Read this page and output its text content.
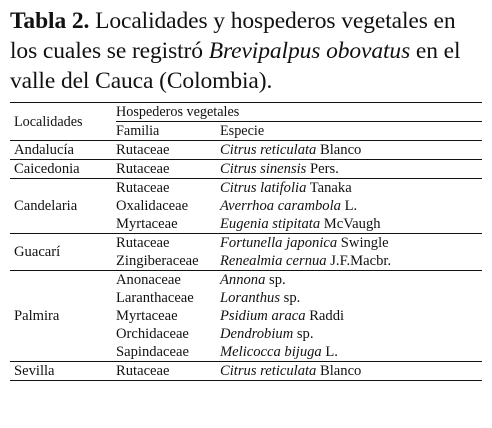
Tabla 2. Localidades y hospederos vegetales en los cuales se registró Brevipalpus obovatus en el valle del Cauca (Colombia).

Localidades	Hospederos vegetales	
	Familia	Especie
Andalucía	Rutaceae	Citrus reticulata Blanco
Caicedonia	Rutaceae	Citrus sinensis Pers.
Candelaria	Rutaceae	Citrus latifolia Tanaka
	Oxalidaceae	Averrhoa carambola L.
	Myrtaceae	Eugenia stipitata McVaugh
Guacarí	Rutaceae	Fortunella japonica Swingle
	Zingiberaceae	Renealmia cernua J.F.Macbr.
Palmira	Anonaceae	Annona sp.
	Laranthaceae	Loranthus sp.
	Myrtaceae	Psidium araca Raddi
	Orchidaceae	Dendrobium sp.
	Sapindaceae	Melicocca bijuga L.
Sevilla	Rutaceae	Citrus reticulata Blanco
